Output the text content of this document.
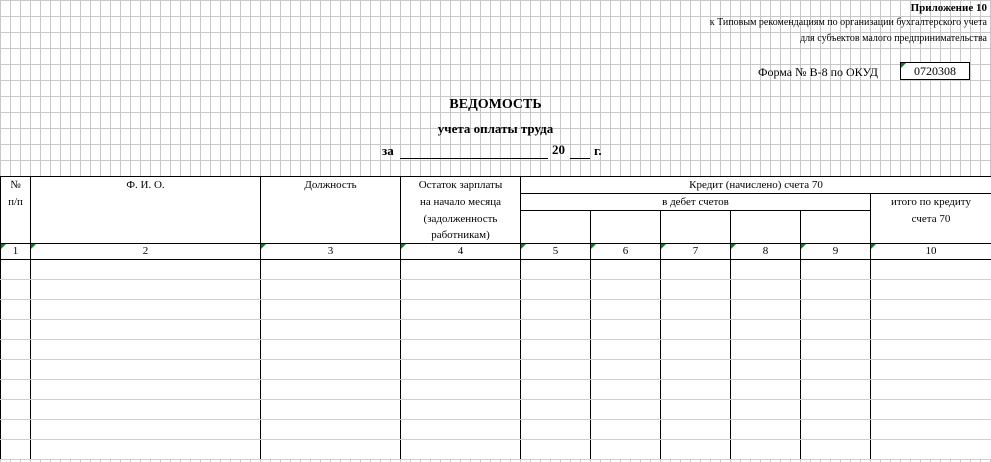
Приложение 10
к Типовым рекомендациям по организации бухгалтерского учета
для субъектов малого предпринимательства
Форма № В-8 по ОКУД	0720308
ВЕДОМОСТЬ
учета оплаты труда
за	20 г.
№	Ф. И. О.	Должность	Остаток зарплаты	Кредит (начислено) счета 70					
п/п			на начало месяца	в дебет счетов					итого по кредиту
			(задолженность						счета 70
			работникам)						
1	2	3	4	5	6	7	8	9	10
